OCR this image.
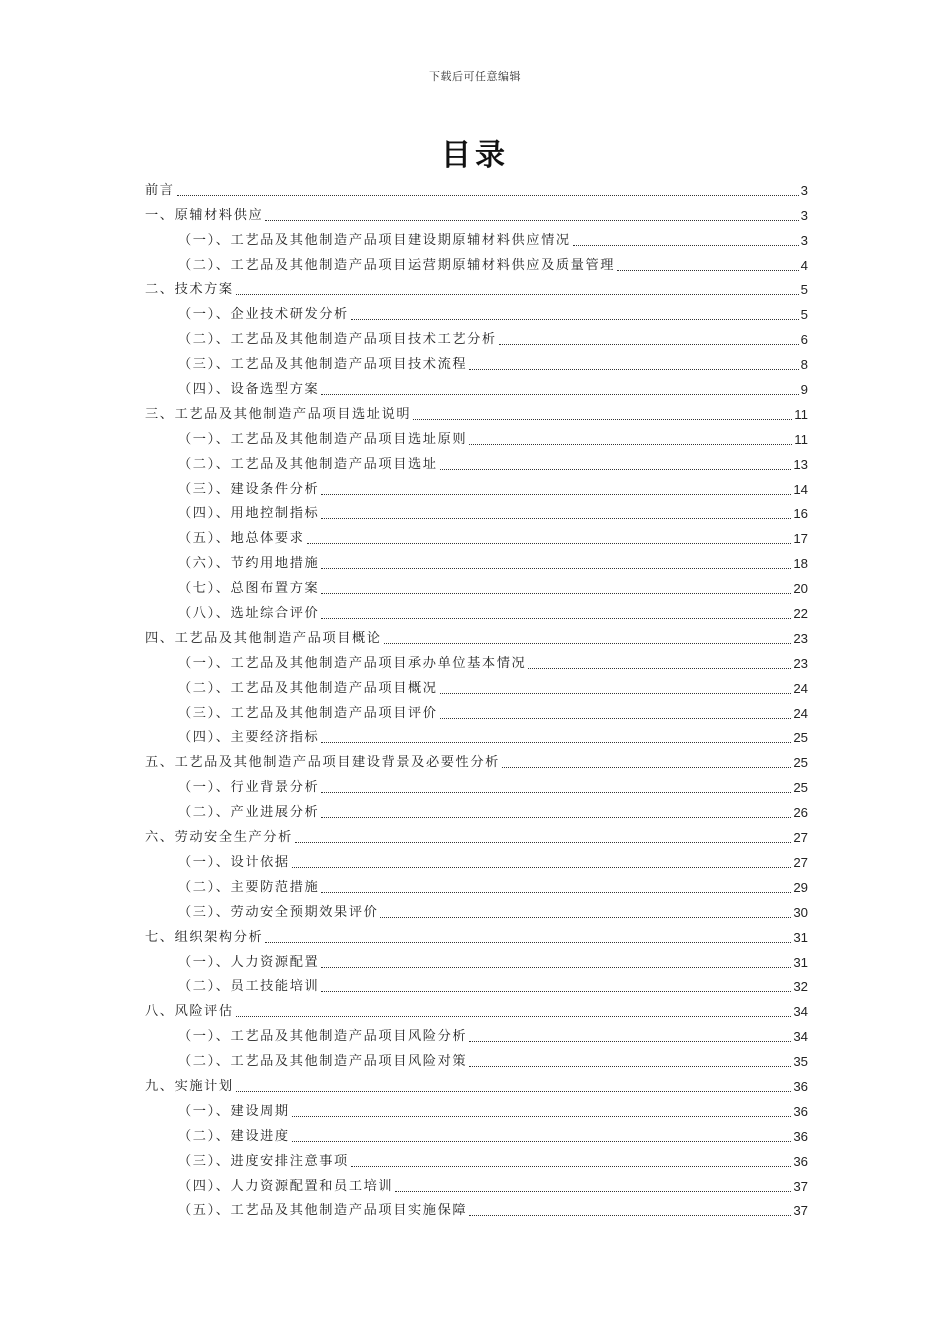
下载后可任意编辑
目录
前言	3
一、原辅材料供应	3
（一）、工艺品及其他制造产品项目建设期原辅材料供应情况	3
（二）、工艺品及其他制造产品项目运营期原辅材料供应及质量管理	4
二、技术方案	5
（一）、企业技术研发分析	5
（二）、工艺品及其他制造产品项目技术工艺分析	6
（三）、工艺品及其他制造产品项目技术流程	8
（四）、设备选型方案	9
三、工艺品及其他制造产品项目选址说明	11
（一）、工艺品及其他制造产品项目选址原则	11
（二）、工艺品及其他制造产品项目选址	13
（三）、建设条件分析	14
（四）、用地控制指标	16
（五）、地总体要求	17
（六）、节约用地措施	18
（七）、总图布置方案	20
（八）、选址综合评价	22
四、工艺品及其他制造产品项目概论	23
（一）、工艺品及其他制造产品项目承办单位基本情况	23
（二）、工艺品及其他制造产品项目概况	24
（三）、工艺品及其他制造产品项目评价	24
（四）、主要经济指标	25
五、工艺品及其他制造产品项目建设背景及必要性分析	25
（一）、行业背景分析	25
（二）、产业进展分析	26
六、劳动安全生产分析	27
（一）、设计依据	27
（二）、主要防范措施	29
（三）、劳动安全预期效果评价	30
七、组织架构分析	31
（一）、人力资源配置	31
（二）、员工技能培训	32
八、风险评估	34
（一）、工艺品及其他制造产品项目风险分析	34
（二）、工艺品及其他制造产品项目风险对策	35
九、实施计划	36
（一）、建设周期	36
（二）、建设进度	36
（三）、进度安排注意事项	36
（四）、人力资源配置和员工培训	37
（五）、工艺品及其他制造产品项目实施保障	37
